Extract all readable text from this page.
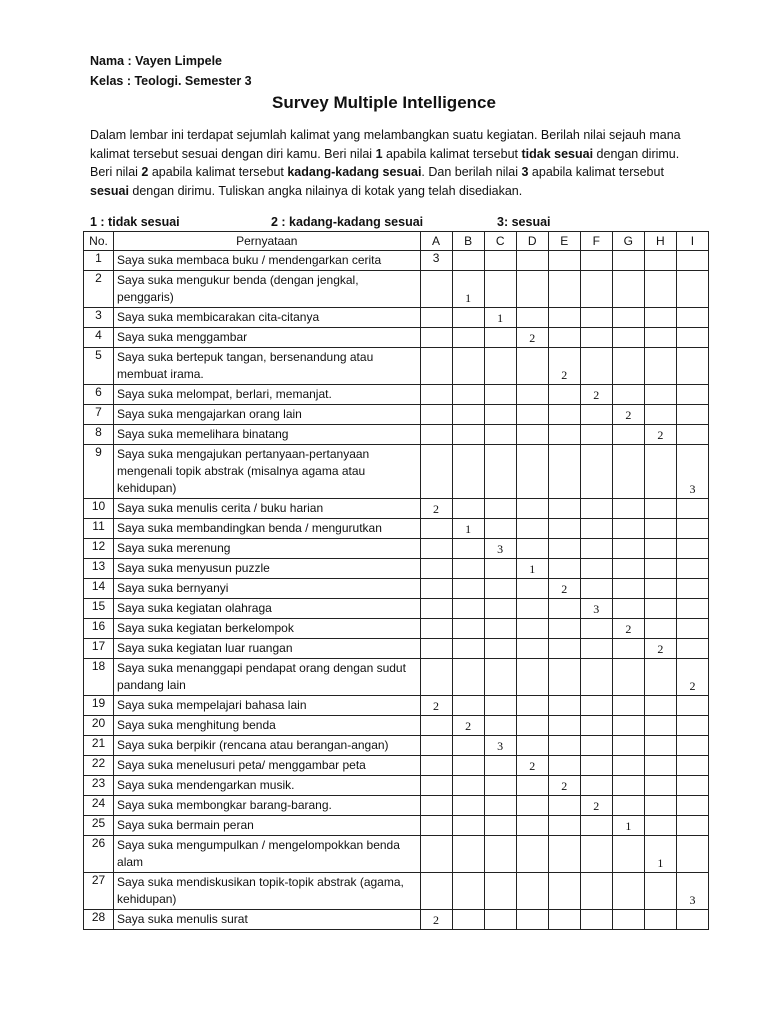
Nama : Vayen Limpele
Kelas : Teologi. Semester 3
Survey Multiple Intelligence
Dalam lembar ini terdapat sejumlah kalimat yang melambangkan suatu kegiatan. Berilah nilai sejauh mana kalimat tersebut sesuai dengan diri kamu. Beri nilai 1 apabila kalimat tersebut tidak sesuai dengan dirimu. Beri nilai 2 apabila kalimat tersebut kadang-kadang sesuai. Dan berilah nilai 3 apabila kalimat tersebut sesuai dengan dirimu. Tuliskan angka nilainya di kotak yang telah disediakan.
1 : tidak sesuai	2 : kadang-kadang sesuai	3: sesuai
No.	Pernyataan	A	B	C	D	E	F	G	H	I
1	Saya suka membaca buku / mendengarkan cerita	3								
2	Saya suka mengukur benda (dengan jengkal, penggaris)		1							
3	Saya suka membicarakan cita-citanya			1						
4	Saya suka menggambar				2					
5	Saya suka bertepuk tangan, bersenandung atau membuat irama.					2				
6	Saya suka melompat, berlari, memanjat.						2			
7	Saya suka mengajarkan orang lain							2		
8	Saya suka memelihara binatang								2	
9	Saya suka mengajukan pertanyaan-pertanyaan mengenali topik abstrak (misalnya agama atau kehidupan)									3
10	Saya suka menulis cerita / buku harian	2								
11	Saya suka membandingkan benda / mengurutkan		1							
12	Saya suka merenung			3						
13	Saya suka menyusun puzzle				1					
14	Saya suka bernyanyi					2				
15	Saya suka kegiatan olahraga						3			
16	Saya suka kegiatan berkelompok							2		
17	Saya suka kegiatan luar ruangan								2	
18	Saya suka menanggapi pendapat orang dengan sudut pandang lain									2
19	Saya suka mempelajari bahasa lain	2								
20	Saya suka menghitung benda		2							
21	Saya suka berpikir (rencana atau berangan-angan)			3						
22	Saya suka menelusuri peta/ menggambar peta				2					
23	Saya suka mendengarkan musik.					2				
24	Saya suka membongkar barang-barang.						2			
25	Saya suka bermain peran							1		
26	Saya suka mengumpulkan / mengelompokkan benda alam								1	
27	Saya suka mendiskusikan topik-topik abstrak (agama, kehidupan)									3
28	Saya suka menulis surat	2								
